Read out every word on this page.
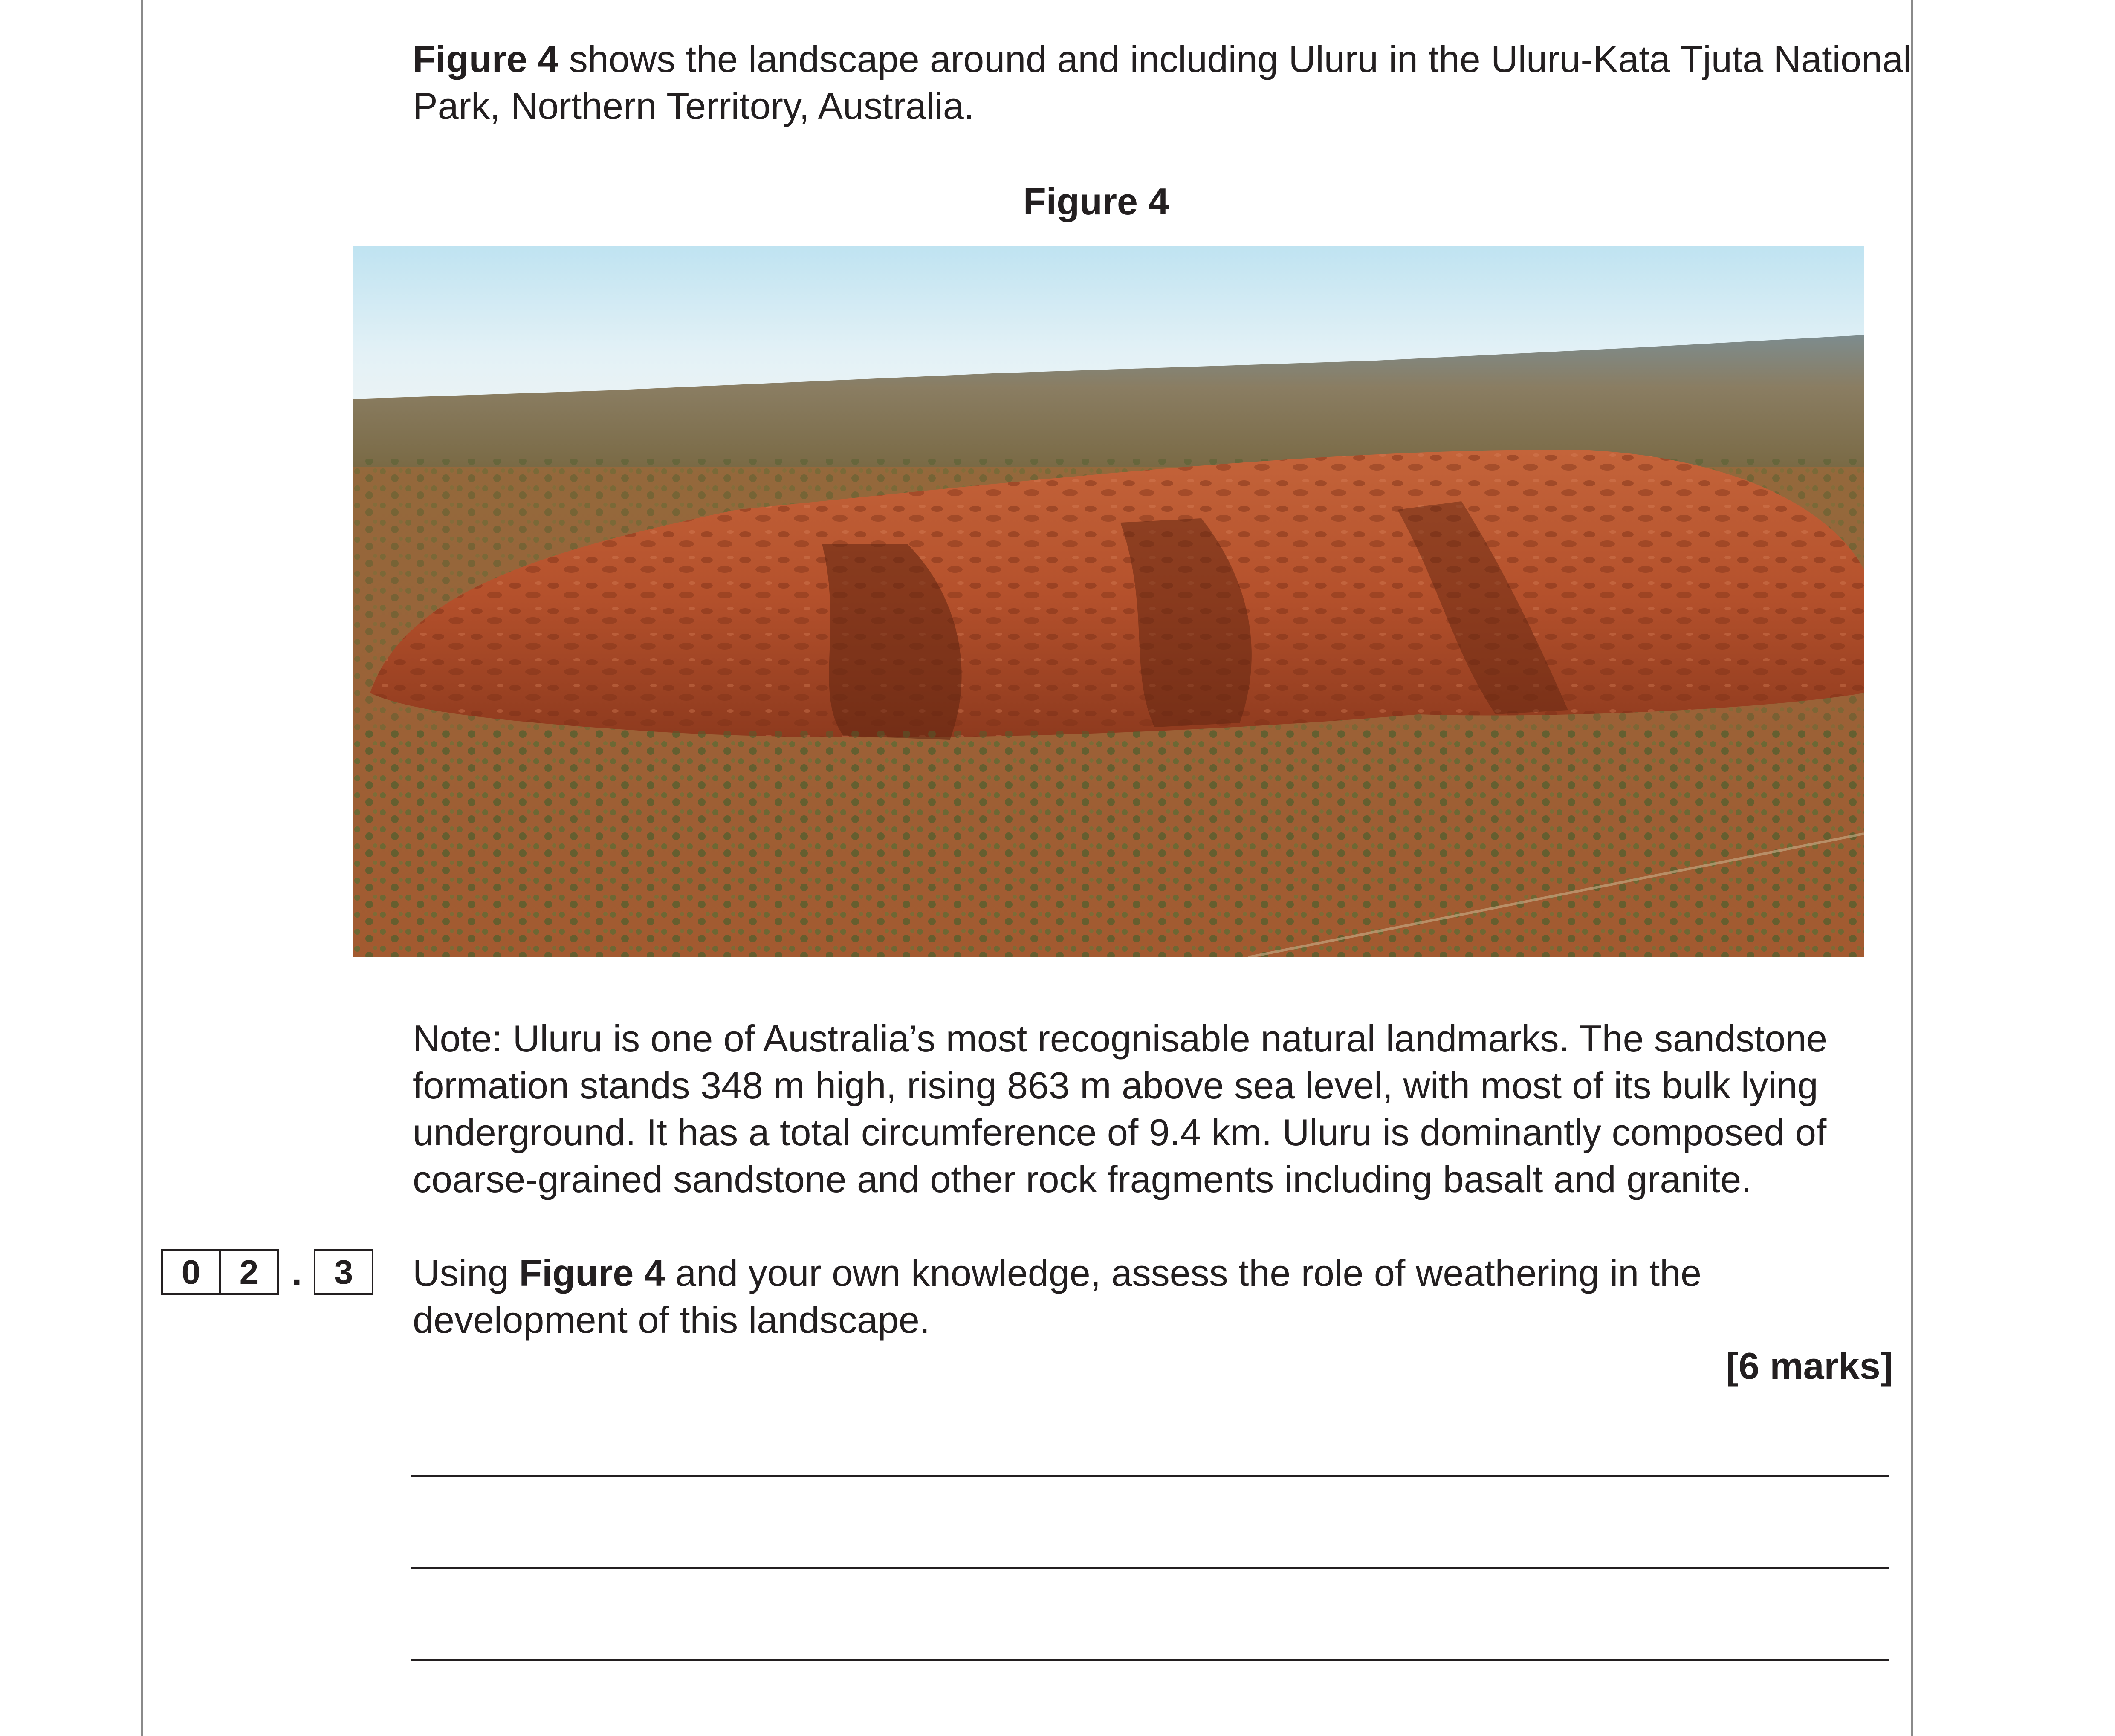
Figure 4 shows the landscape around and including Uluru in the Uluru-Kata Tjuta National Park, Northern Territory, Australia.

Figure 4

Note: Uluru is one of Australia’s most recognisable natural landmarks. The sandstone formation stands 348 m high, rising 863 m above sea level, with most of its bulk lying underground. It has a total circumference of 9.4 km. Uluru is dominantly composed of coarse-grained sandstone and other rock fragments including basalt and granite.

0	2 . 3	Using Figure 4 and your own knowledge, assess the role of weathering in the development of this landscape.

[6 marks]
